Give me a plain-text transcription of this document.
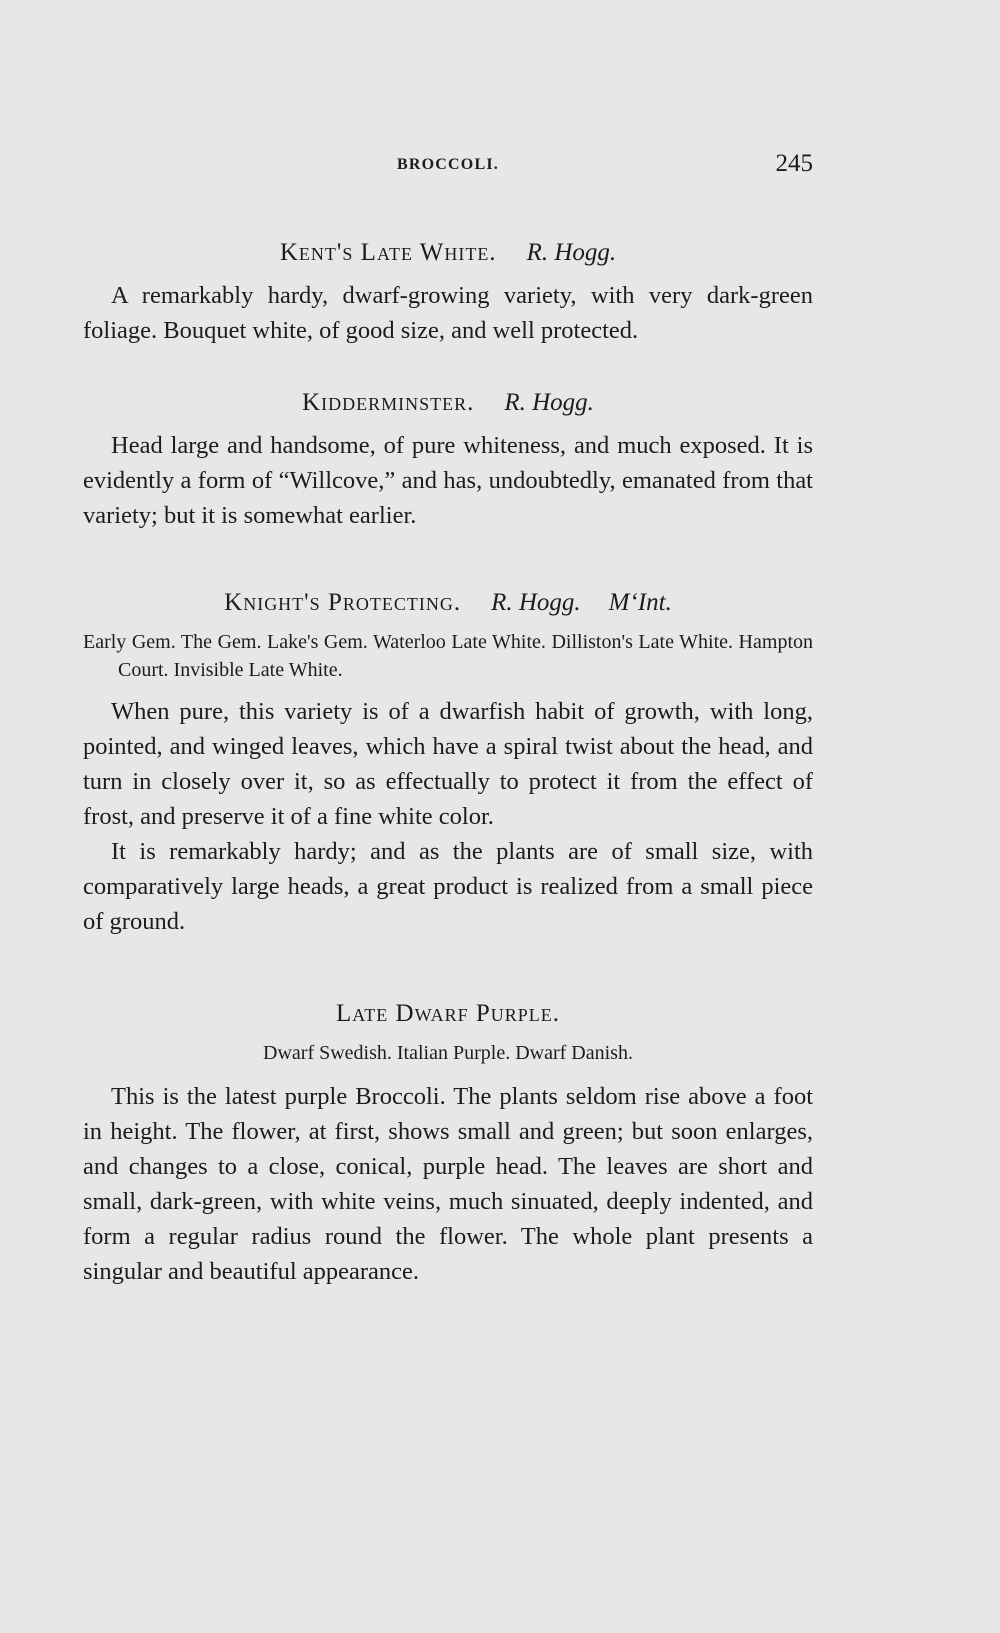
BROCCOLI.	245
Kent's Late White. R. Hogg.

A remarkably hardy, dwarf-growing variety, with very dark-green foliage. Bouquet white, of good size, and well protected.

Kidderminster. R. Hogg.

Head large and handsome, of pure whiteness, and much exposed. It is evidently a form of “Willcove,” and has, undoubtedly, emanated from that variety; but it is somewhat earlier.

Knight's Protecting. R. Hogg. M‘Int.

Early Gem. The Gem. Lake's Gem. Waterloo Late White. Dilliston's Late White. Hampton Court. Invisible Late White.

When pure, this variety is of a dwarfish habit of growth, with long, pointed, and winged leaves, which have a spiral twist about the head, and turn in closely over it, so as effectually to protect it from the effect of frost, and preserve it of a fine white color.

It is remarkably hardy; and as the plants are of small size, with comparatively large heads, a great product is realized from a small piece of ground.

Late Dwarf Purple.

Dwarf Swedish. Italian Purple. Dwarf Danish.

This is the latest purple Broccoli. The plants seldom rise above a foot in height. The flower, at first, shows small and green; but soon enlarges, and changes to a close, conical, purple head. The leaves are short and small, dark-green, with white veins, much sinuated, deeply indented, and form a regular radius round the flower. The whole plant presents a singular and beautiful appearance.
